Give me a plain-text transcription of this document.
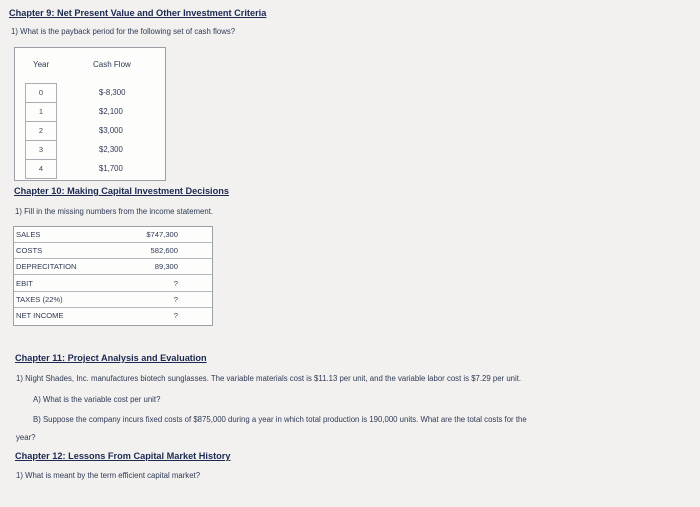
Chapter 9: Net Present Value and Other Investment Criteria
1) What is the payback period for the following set of cash flows?
Year	Cash Flow
0	$-8,300
1	$2,100
2	$3,000
3	$2,300
4	$1,700
Chapter 10: Making Capital Investment Decisions
1) Fill in the missing numbers from the income statement.
SALES	$747,300
COSTS	582,600
DEPRECITATION	89,300
EBIT	?
TAXES (22%)	?
NET INCOME	?
Chapter 11: Project Analysis and Evaluation
1) Night Shades, Inc. manufactures biotech sunglasses. The variable materials cost is $11.13 per unit, and the variable labor cost is $7.29 per unit.
A) What is the variable cost per unit?
B) Suppose the company incurs fixed costs of $875,000 during a year in which total production is 190,000 units. What are the total costs for the
year?
Chapter 12: Lessons From Capital Market History
1) What is meant by the term efficient capital market?
